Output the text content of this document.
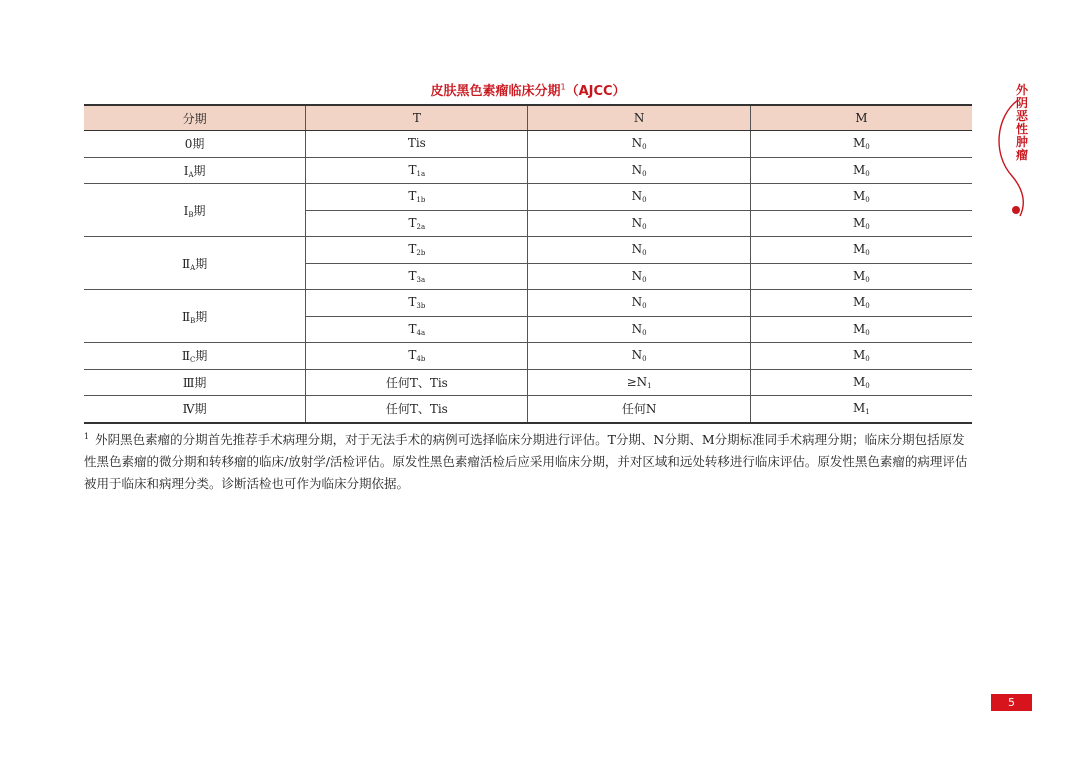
皮肤黑色素瘤临床分期$^1$（AJCC）
分期	T	N	M
0期	Tis	$N_0$	$M_0$
$Ⅰ_A$期	$T_{1a}$	$N_0$	$M_0$
$Ⅰ_B$期	$T_{1b}$	$N_0$	$M_0$
	$T_{2a}$	$N_0$	$M_0$
$Ⅱ_A$期	$T_{2b}$	$N_0$	$M_0$
	$T_{3a}$	$N_0$	$M_0$
$Ⅱ_B$期	$T_{3b}$	$N_0$	$M_0$
	$T_{4a}$	$N_0$	$M_0$
$Ⅱ_C$期	$T_{4b}$	$N_0$	$M_0$
Ⅲ期	任何T、Tis	$\ge N_1$	$M_0$
Ⅳ期	任何T、Tis	任何N	$M_1$
$^1$ 外阴黑色素瘤的分期首先推荐手术病理分期，对于无法手术的病例可选择临床分期进行评估。T分期、N分期、M分期标准同手术病理分期；临床分期包括原发性黑色素瘤的微分期和转移瘤的临床/放射学/活检评估。原发性黑色素瘤活检后应采用临床分期，并对区域和远处转移进行临床评估。原发性黑色素瘤的病理评估被用于临床和病理分类。诊断活检也可作为临床分期依据。
外阴恶性肿瘤
5
